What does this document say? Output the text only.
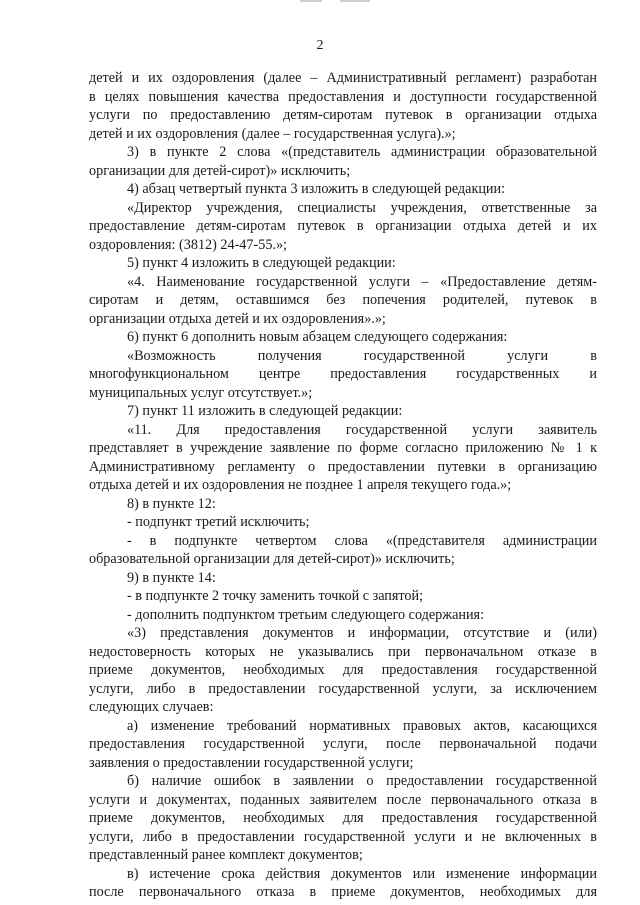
2
детей и их оздоровления (далее – Административный регламент) разработан
в целях повышения качества предоставления и доступности государственной
услуги по предоставлению детям-сиротам путевок в организации отдыха
детей и их оздоровления (далее – государственная услуга).»;
3) в пункте 2 слова «(представитель администрации образовательной
организации для детей-сирот)» исключить;
4) абзац четвертый пункта 3 изложить в следующей редакции:
«Директор учреждения, специалисты учреждения, ответственные за
предоставление детям-сиротам путевок в организации отдыха детей и их
оздоровления: (3812) 24-47-55.»;
5) пункт 4 изложить в следующей редакции:
«4. Наименование государственной услуги – «Предоставление детям-
сиротам и детям, оставшимся без попечения родителей, путевок в
организации отдыха детей и их оздоровления».»;
6) пункт 6 дополнить новым абзацем следующего содержания:
«Возможность получения государственной услуги в
многофункциональном центре предоставления государственных и
муниципальных услуг отсутствует.»;
7) пункт 11 изложить в следующей редакции:
«11. Для предоставления государственной услуги заявитель
представляет в учреждение заявление по форме согласно приложению № 1 к
Административному регламенту о предоставлении путевки в организацию
отдыха детей и их оздоровления не позднее 1 апреля текущего года.»;
8) в пункте 12:
- подпункт третий исключить;
- в подпункте четвертом слова «(представителя администрации
образовательной организации для детей-сирот)» исключить;
9) в пункте 14:
- в подпункте 2 точку заменить точкой с запятой;
- дополнить подпунктом третьим следующего содержания:
«3) представления документов и информации, отсутствие и (или)
недостоверность которых не указывались при первоначальном отказе в
приеме документов, необходимых для предоставления государственной
услуги, либо в предоставлении государственной услуги, за исключением
следующих случаев:
а) изменение требований нормативных правовых актов, касающихся
предоставления государственной услуги, после первоначальной подачи
заявления о предоставлении государственной услуги;
б) наличие ошибок в заявлении о предоставлении государственной
услуги и документах, поданных заявителем после первоначального отказа в
приеме документов, необходимых для предоставления государственной
услуги, либо в предоставлении государственной услуги и не включенных в
представленный ранее комплект документов;
в) истечение срока действия документов или изменение информации
после первоначального отказа в приеме документов, необходимых для
